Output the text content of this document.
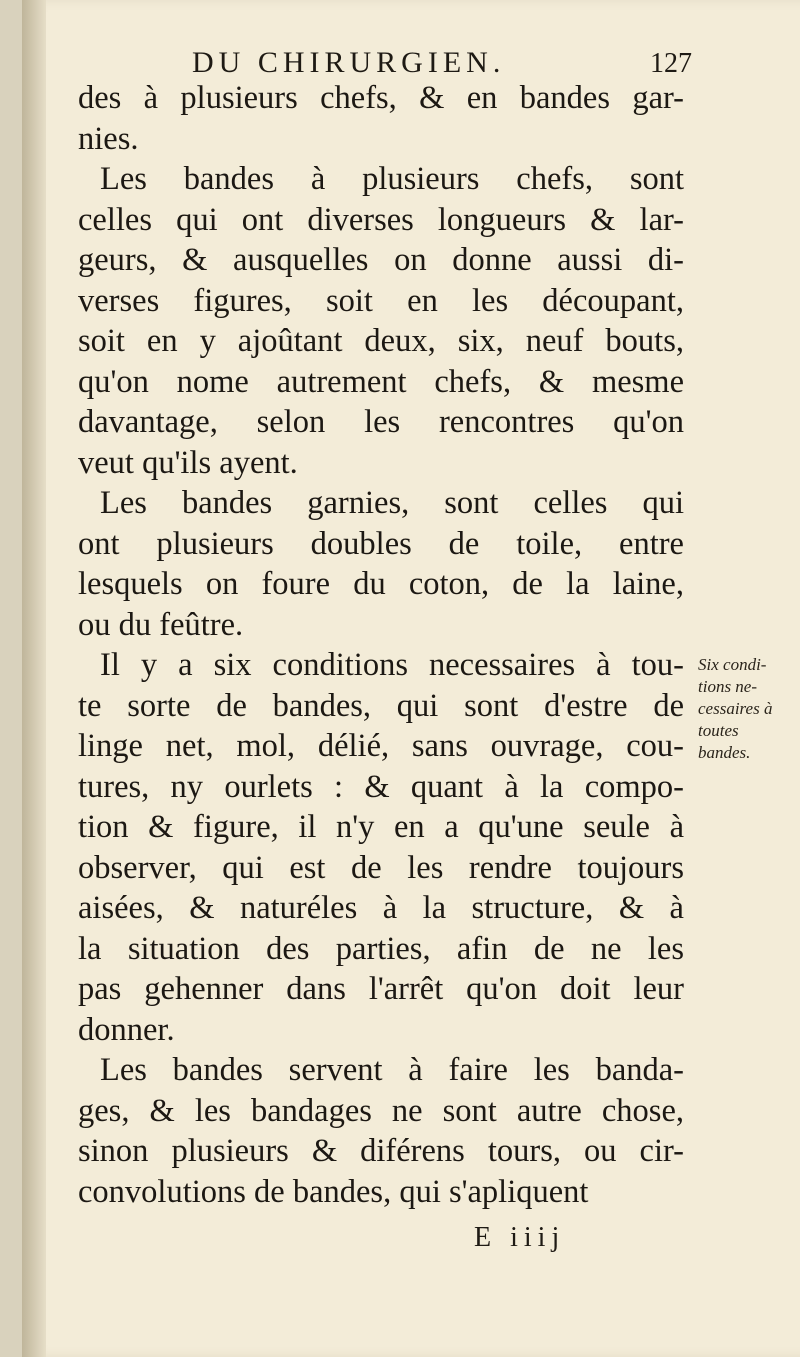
DU CHIRURGIEN.	127
des à plusieurs chefs, & en bandes gar-
nies.
Les bandes à plusieurs chefs, sont
celles qui ont diverses longueurs & lar-
geurs, & ausquelles on donne aussi di-
verses figures, soit en les découpant,
soit en y ajoûtant deux, six, neuf bouts,
qu'on nome autrement chefs, & mesme
davantage, selon les rencontres qu'on
veut qu'ils ayent.
Les bandes garnies, sont celles qui
ont plusieurs doubles de toile, entre
lesquels on foure du coton, de la laine,
ou du feûtre.
Il y a six conditions necessaires à tou-
te sorte de bandes, qui sont d'estre de
linge net, mol, délié, sans ouvrage, cou-
tures, ny ourlets : & quant à la compo-
tion & figure, il n'y en a qu'une seule à
observer, qui est de les rendre toujours
aisées, & naturéles à la structure, & à
la situation des parties, afin de ne les
pas gehenner dans l'arrêt qu'on doit leur
donner.
Les bandes servent à faire les banda-
ges, & les bandages ne sont autre chose,
sinon plusieurs & diférens tours, ou cir-
convolutions de bandes, qui s'apliquent
Six condi-
tions ne-
cessaires à
toutes
bandes.
E iiij
